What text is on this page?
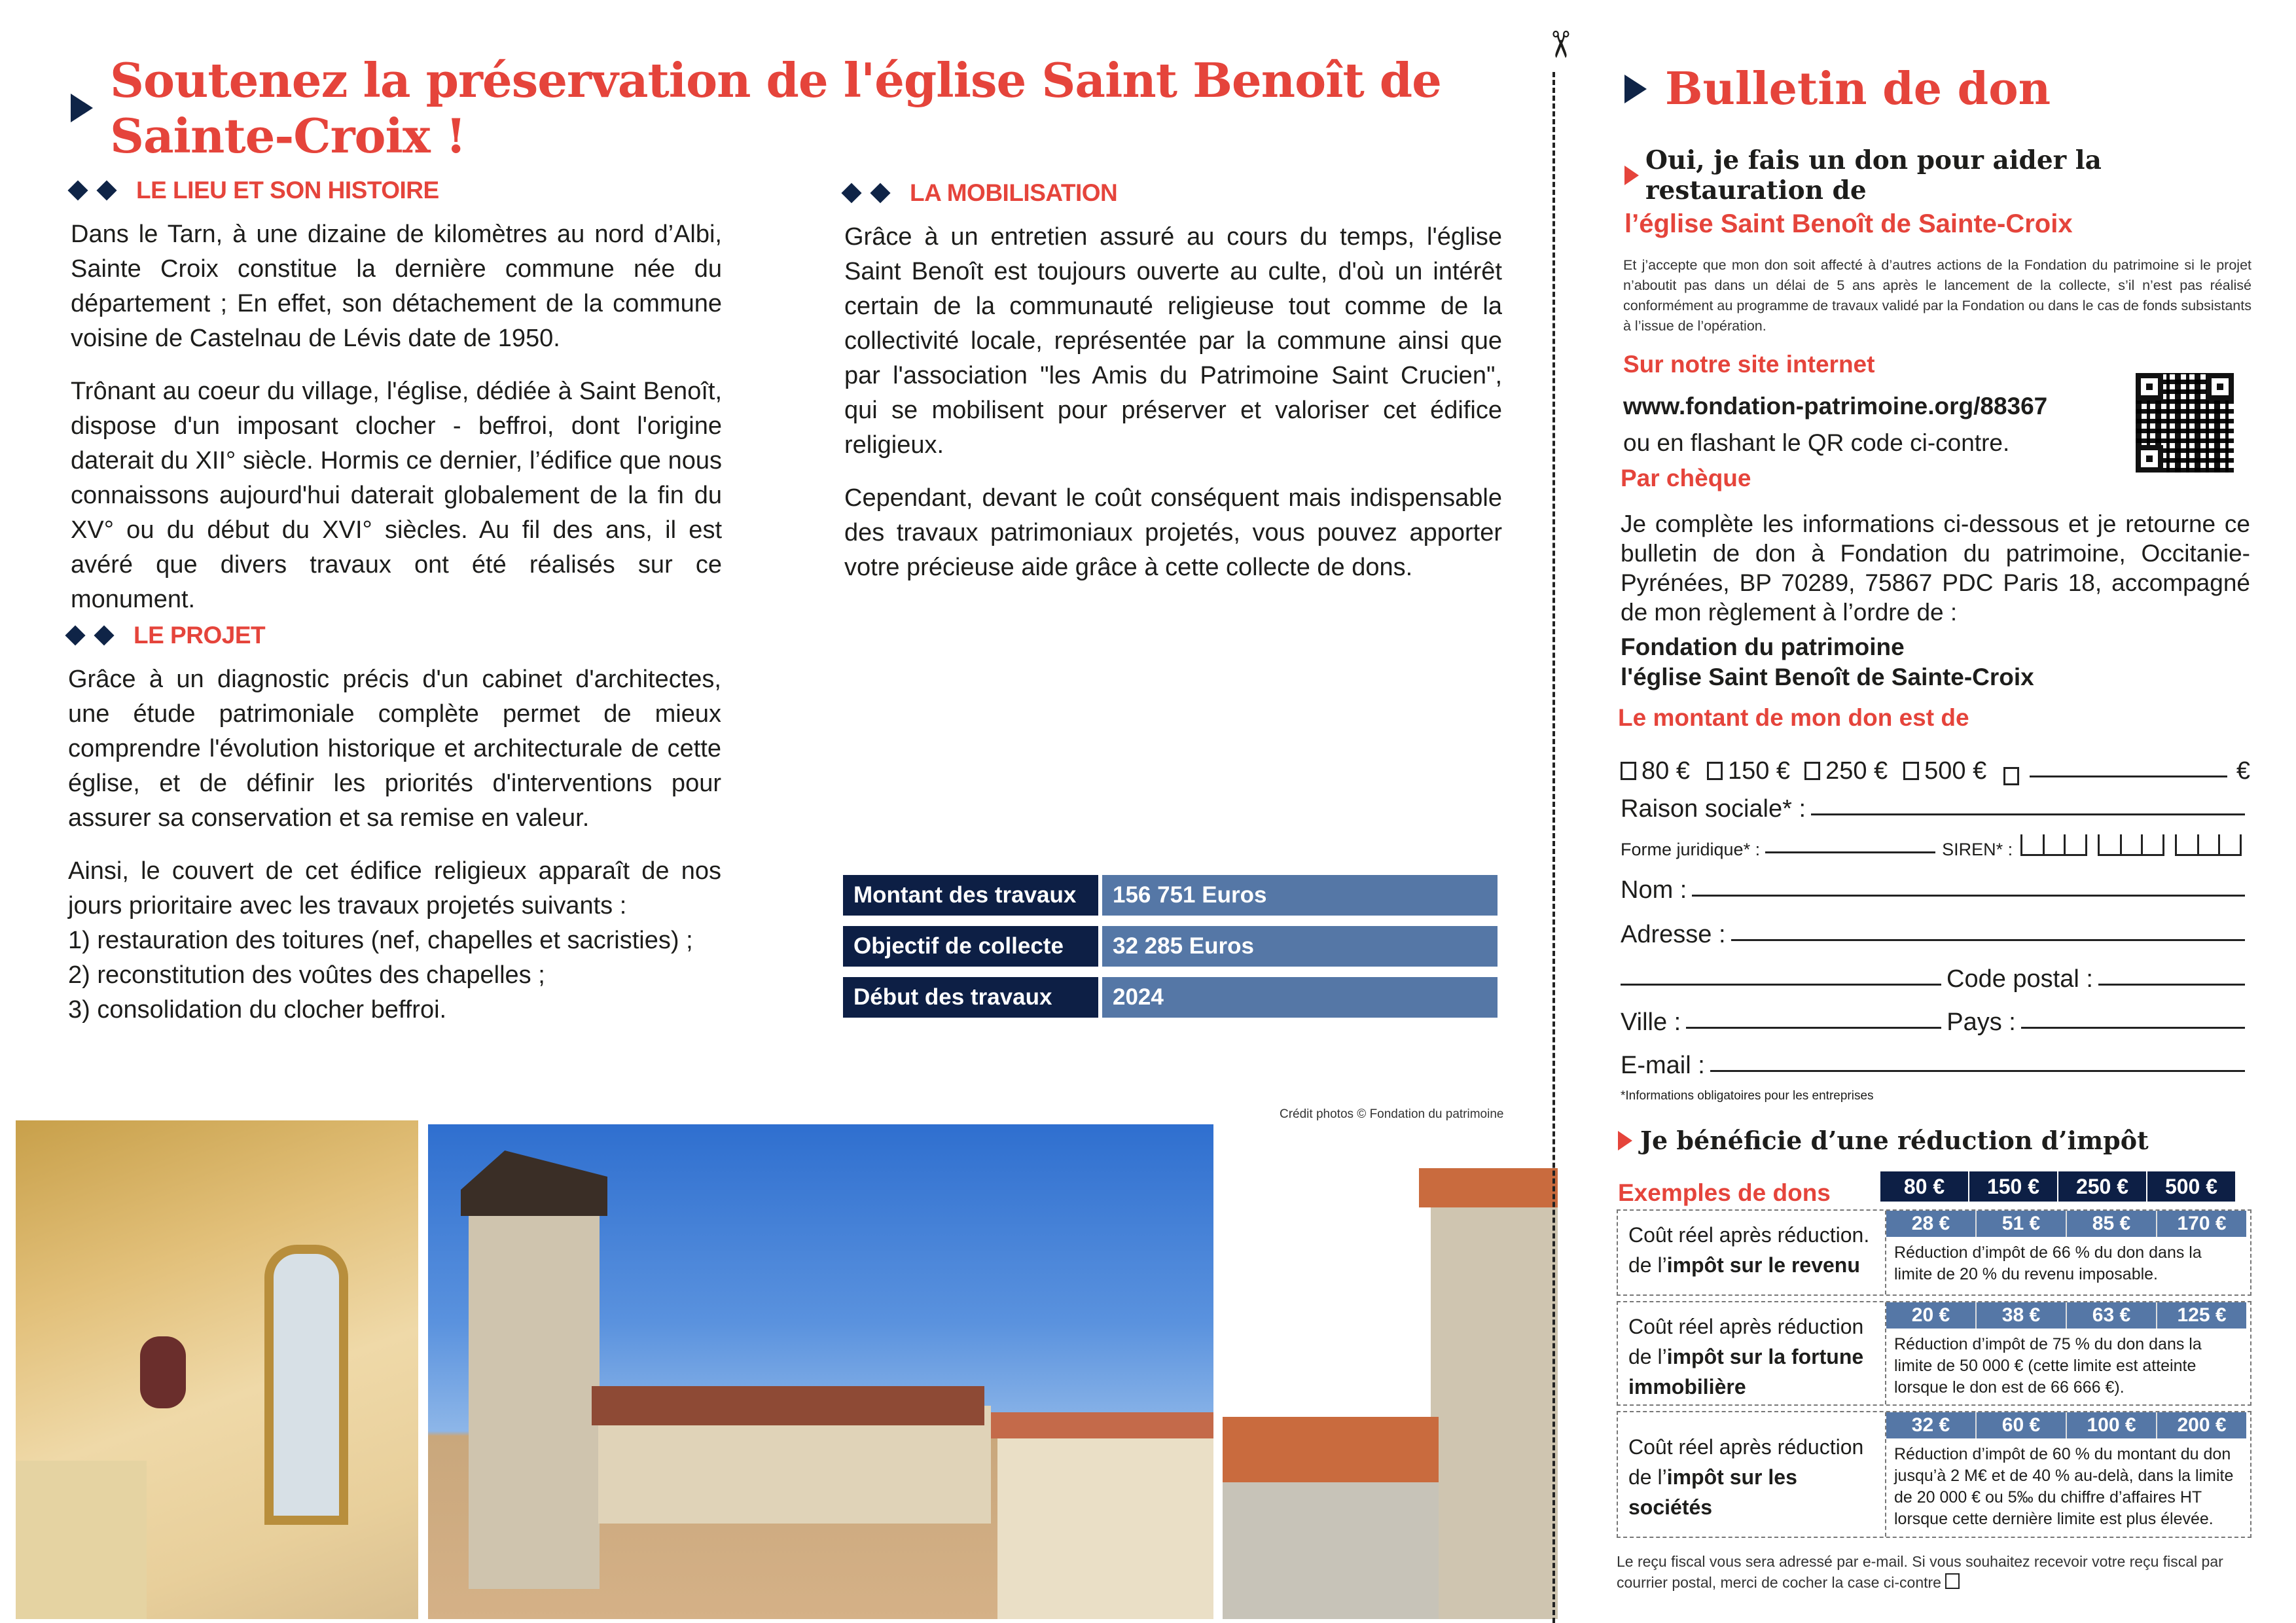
Soutenez la préservation de l'église Saint Benoît de Sainte-Croix !
LE LIEU ET SON HISTOIRE

Dans le Tarn, à une dizaine de kilomètres au nord d’Albi, Sainte Croix constitue la dernière commune née du département ; En effet, son détachement de la commune voisine de Castelnau de Lévis date de 1950.

Trônant au coeur du village, l'église, dédiée à Saint Benoît, dispose d'un imposant clocher - beffroi, dont l'origine daterait du XII° siècle. Hormis ce dernier, l’édifice que nous connaissons aujourd'hui daterait globalement de la fin du XV° ou du début du XVI° siècles. Au fil des ans, il est avéré que divers travaux ont été réalisés sur ce monument.

LE PROJET

Grâce à un diagnostic précis d'un cabinet d'architectes, une étude patrimoniale complète permet de mieux comprendre l'évolution historique et architecturale de cette église, et de définir les priorités d'interventions pour assurer sa conservation et sa remise en valeur.

Ainsi, le couvert de cet édifice religieux apparaît de nos jours prioritaire avec les travaux projetés suivants :

1) restauration des toitures (nef, chapelles et sacristies) ;
2) reconstitution des voûtes des chapelles ;
3) consolidation du clocher beffroi.
LA MOBILISATION

Grâce à un entretien assuré au cours du temps, l'église Saint Benoît est toujours ouverte au culte, d'où un intérêt certain de la communauté religieuse tout comme de la collectivité locale, représentée par la commune ainsi que par l'association "les Amis du Patrimoine Saint Crucien", qui se mobilisent pour préserver et valoriser cet édifice religieux.

Cependant, devant le coût conséquent mais indispensable des travaux patrimoniaux projetés, vous pouvez apporter votre précieuse aide grâce à cette collecte de dons.

Montant des travaux	156 751 Euros
Objectif de collecte	32 285 Euros
Début des travaux	2024
Crédit photos © Fondation du patrimoine
✂
Bulletin de don
Oui, je fais un don pour aider la restauration de
l’église Saint Benoît de Sainte-Croix
Et j’accepte que mon don soit affecté à d’autres actions de la Fondation du patrimoine si le projet n’aboutit pas dans un délai de 5 ans après le lancement de la collecte, s’il n’est pas réalisé conformément au programme de travaux validé par la Fondation ou dans le cas de fonds subsistants à l’issue de l’opération.
Sur notre site internet
www.fondation-patrimoine.org/88367
ou en flashant le QR code ci-contre.
Par chèque
Je complète les informations ci-dessous et je retourne ce bulletin de don à Fondation du patrimoine, Occitanie-Pyrénées, BP 70289, 75867 PDC Paris 18, accompagné de mon règlement à l’ordre de :
Fondation du patrimoine
l'église Saint Benoît de Sainte-Croix
Le montant de mon don est de
80 €	150 €	250 €	500 €	€
Raison sociale* :
Forme juridique* :	SIREN* :
Nom :
Adresse :
Code postal :
Ville :	Pays :
E-mail :
*Informations obligatoires pour les entreprises
Je bénéficie d’une réduction d’impôt
Exemples de dons	80 €	150 €	250 €	500 €
Coût réel après réduction. de l’impôt sur le revenu
28 €	51 €	85 €	170 €
Réduction d’impôt de 66 % du don dans la limite de 20 % du revenu imposable.
Coût réel après réduction de l’impôt sur la fortune immobilière
20 €	38 €	63 €	125 €
Réduction d’impôt de 75 % du don dans la limite de 50 000 € (cette limite est atteinte lorsque le don est de 66 666 €).
Coût réel après réduction de l’impôt sur les sociétés
32 €	60 €	100 €	200 €
Réduction d’impôt de 60 % du montant du don jusqu’à 2 M€ et de 40 % au-delà, dans la limite de 20 000 € ou 5‰ du chiffre d’affaires HT lorsque cette dernière limite est plus élevée.
Le reçu fiscal vous sera adressé par e-mail. Si vous souhaitez recevoir votre reçu fiscal par courrier postal, merci de cocher la case ci-contre
